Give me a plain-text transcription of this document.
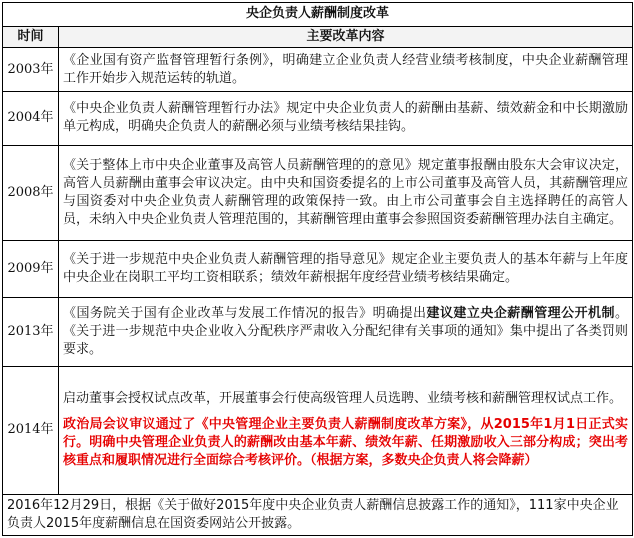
央企负责人薪酬制度改革	
时间	主要改革内容
2003年	《企业国有资产监督管理暂行条例》，明确建立企业负责人经营业绩考核制度，中央企业薪酬管理工作开始步入规范运转的轨道。
2004年	《中央企业负责人薪酬管理暂行办法》规定中央企业负责人的薪酬由基薪、绩效薪金和中长期激励单元构成，明确央企负责人的薪酬必须与业绩考核结果挂钩。
2008年	《关于整体上市中央企业董事及高管人员薪酬管理的的意见》规定董事报酬由股东大会审议决定，高管人员薪酬由董事会审议决定。由中央和国资委提名的上市公司董事及高管人员，其薪酬管理应与国资委对中央企业负责人薪酬管理的政策保持一致。由上市公司董事会自主选择聘任的高管人员，未纳入中央企业负责人管理范围的，其薪酬管理由董事会参照国资委薪酬管理办法自主确定。
2009年	《关于进一步规范中央企业负责人薪酬管理的指导意见》规定企业主要负责人的基本年薪与上年度中央企业在岗职工平均工资相联系；绩效年薪根据年度经营业绩考核结果确定。
2013年	《国务院关于国有企业改革与发展工作情况的报告》明确提出建议建立央企薪酬管理公开机制。《关于进一步规范中央企业收入分配秩序严肃收入分配纪律有关事项的通知》集中提出了各类罚则要求。
2014年	启动董事会授权试点改革，开展董事会行使高级管理人员选聘、业绩考核和薪酬管理权试点工作。

政治局会议审议通过了《中央管理企业主要负责人薪酬制度改革方案》，从2015年1月1日正式实行。明确中央管理企业负责人的薪酬改由基本年薪、绩效年薪、任期激励收入三部分构成；突出考核重点和履职情况进行全面综合考核评价。（根据方案，多数央企负责人将会降薪）

2016年12月29日，根据《关于做好2015年度中央企业负责人薪酬信息披露工作的通知》，111家中央企业负责人2015年度薪酬信息在国资委网站公开披露。	
